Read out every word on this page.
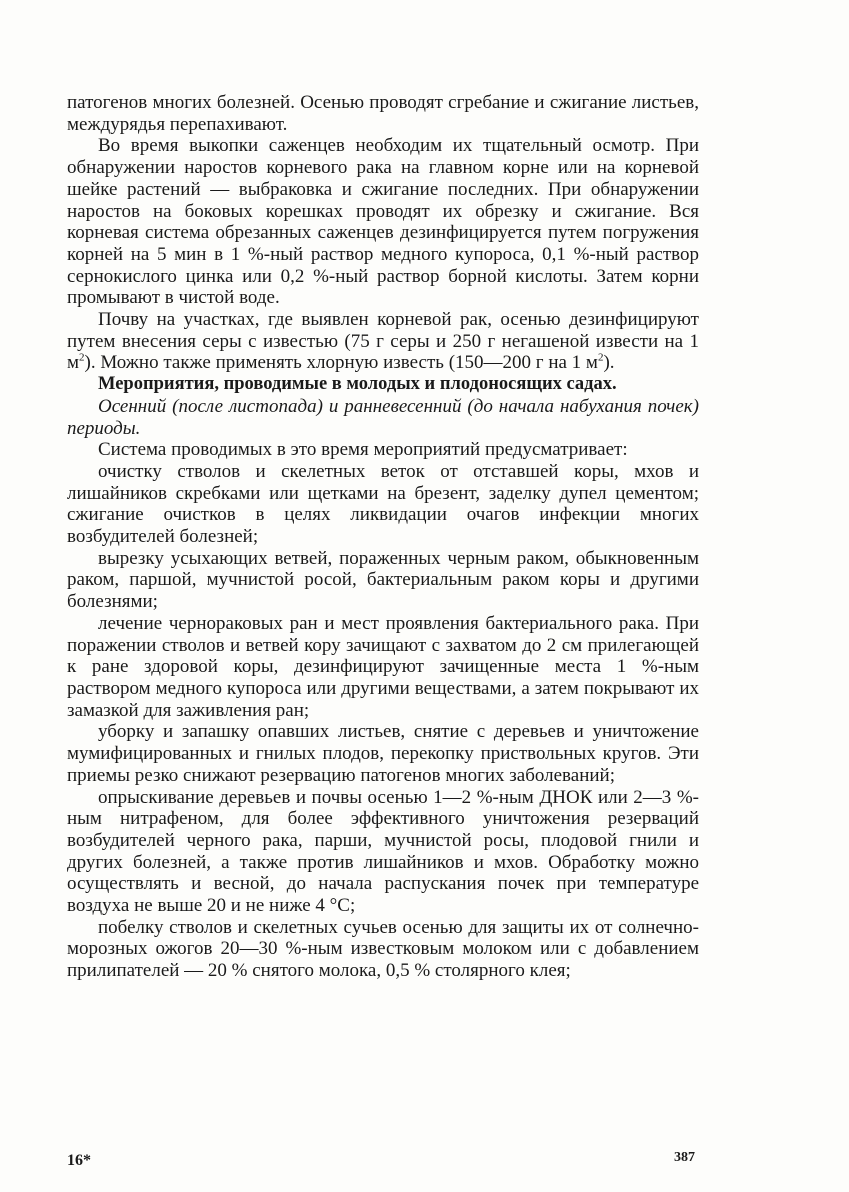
патогенов многих болезней. Осенью проводят сгребание и сжигание листьев, междурядья перепахивают.

Во время выкопки саженцев необходим их тщательный осмотр. При обнаружении наростов корневого рака на главном корне или на корневой шейке растений — выбраковка и сжигание последних. При обнаружении наростов на боковых корешках проводят их обрезку и сжигание. Вся корневая система обрезанных саженцев дезинфицируется путем погружения корней на 5 мин в 1 %-ный раствор медного купороса, 0,1 %-ный раствор сернокислого цинка или 0,2 %-ный раствор борной кислоты. Затем корни промывают в чистой воде.

Почву на участках, где выявлен корневой рак, осенью дезинфицируют путем внесения серы с известью (75 г серы и 250 г негашеной извести на 1 $м^2$). Можно также применять хлорную известь (150—200 г на 1 $м^2$).

Мероприятия, проводимые в молодых и плодоносящих садах.

Осенний (после листопада) и ранневесенний (до начала набухания почек) периоды.

Система проводимых в это время мероприятий предусматривает:

очистку стволов и скелетных веток от отставшей коры, мхов и лишайников скребками или щетками на брезент, заделку дупел цементом; сжигание очистков в целях ликвидации очагов инфекции многих возбудителей болезней;

вырезку усыхающих ветвей, пораженных черным раком, обыкновенным раком, паршой, мучнистой росой, бактериальным раком коры и другими болезнями;

лечение черноpаковых ран и мест проявления бактериального рака. При поражении стволов и ветвей кору зачищают с захватом до 2 см прилегающей к ране здоровой коры, дезинфицируют зачищенные места 1 %-ным раствором медного купороса или другими веществами, а затем покрывают их замазкой для заживления ран;

уборку и запашку опавших листьев, снятие с деревьев и уничтожение мумифицированных и гнилых плодов, перекопку приствольных кругов. Эти приемы резко снижают резервацию патогенов многих заболеваний;

опрыскивание деревьев и почвы осенью 1—2 %-ным ДНОК или 2—3 %-ным нитрафеном, для более эффективного уничтожения резерваций возбудителей черного рака, парши, мучнистой росы, плодовой гнили и других болезней, а также против лишайников и мхов. Обработку можно осуществлять и весной, до начала распускания почек при температуре воздуха не выше 20 и не ниже 4 °С;

побелку стволов и скелетных сучьев осенью для защиты их от солнечно-морозных ожогов 20—30 %-ным известковым молоком или с добавлением прилипателей — 20 % снятого молока, 0,5 % столярного клея;

16*	387
